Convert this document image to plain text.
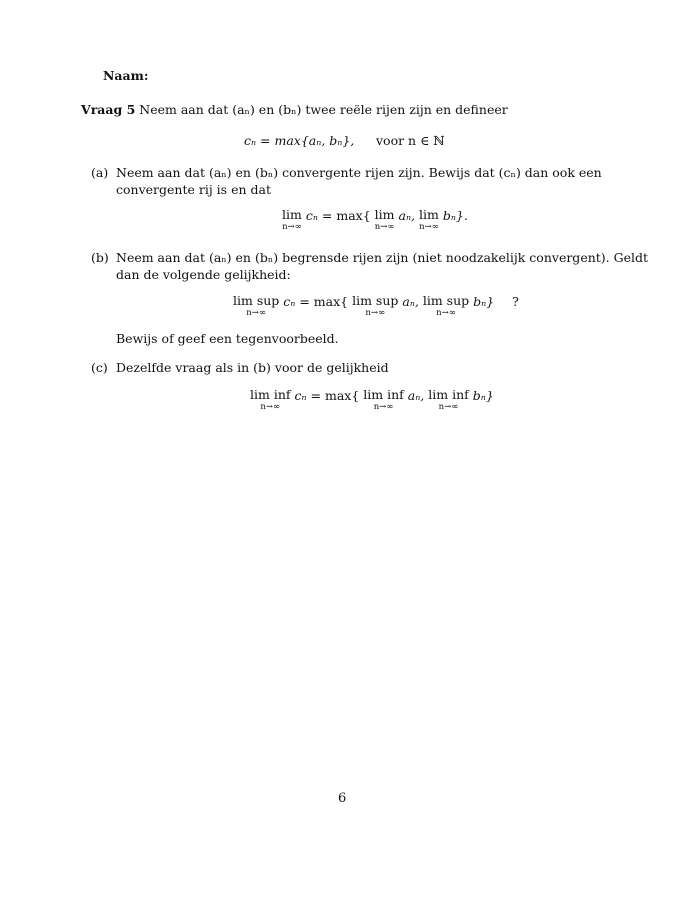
Naam:
Vraag 5 Neem aan dat (aₙ) en (bₙ) twee reële rijen zijn en defineer
cₙ = max{aₙ, bₙ}, voor n ∈ ℕ
(a) Neem aan dat (aₙ) en (bₙ) convergente rijen zijn. Bewijs dat (cₙ) dan ook een
convergente rij is en dat
lim
n→∞
cₙ = max{ lim
n→∞
aₙ, lim
n→∞
bₙ}.
(b) Neem aan dat (aₙ) en (bₙ) begrensde rijen zijn (niet noodzakelijk convergent). Geldt
dan de volgende gelijkheid:
lim sup
n→∞
cₙ = max{ lim sup
n→∞
aₙ, lim sup
n→∞
bₙ} ?
Bewijs of geef een tegenvoorbeeld.
(c) Dezelfde vraag als in (b) voor de gelijkheid
lim inf
n→∞
cₙ = max{ lim inf
n→∞
aₙ, lim inf
n→∞
bₙ}
6
